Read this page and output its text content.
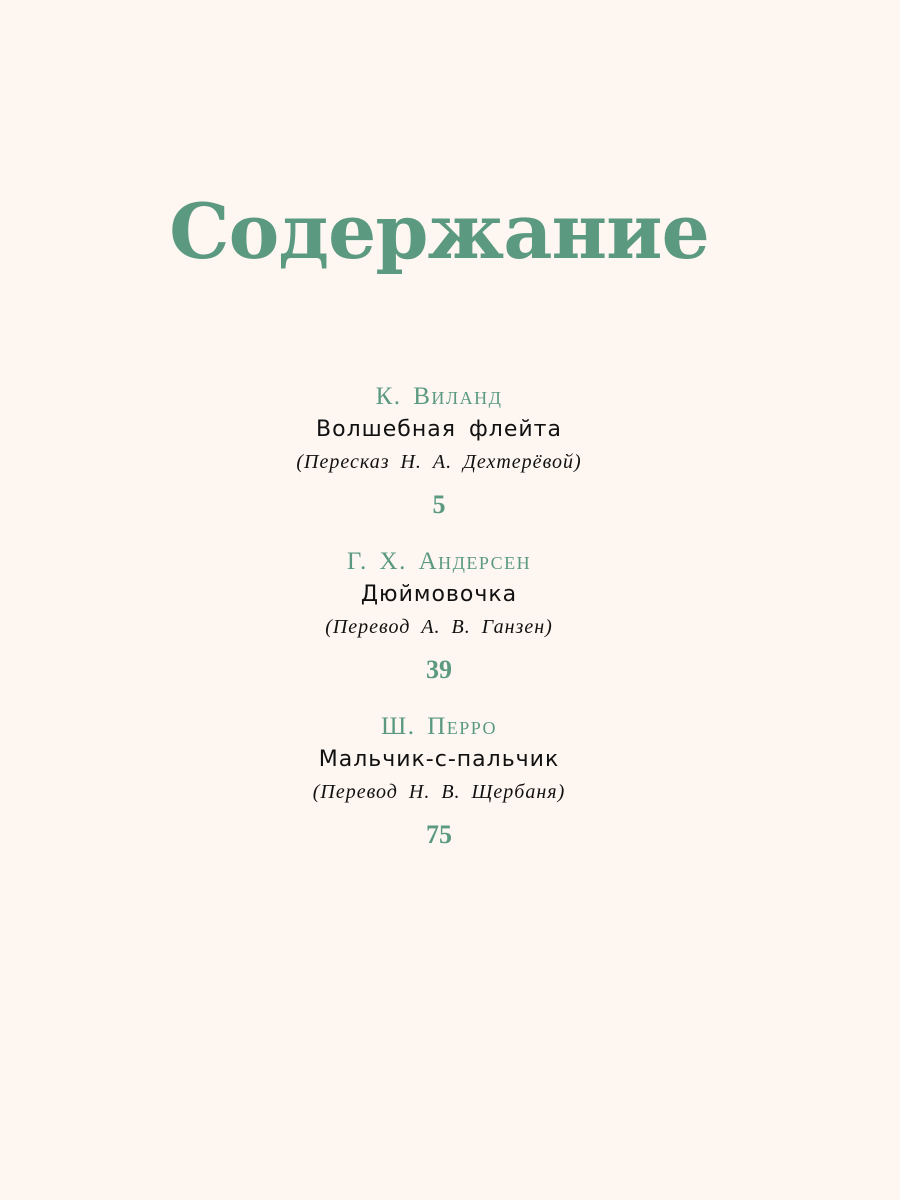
Содержание
К. Виланд
Волшебная флейта
(Пересказ Н. А. Дехтерёвой)
5
Г. Х. Андерсен
Дюймовочка
(Перевод А. В. Ганзен)
39
Ш. Перро
Мальчик-с-пальчик
(Перевод Н. В. Щербаня)
75
